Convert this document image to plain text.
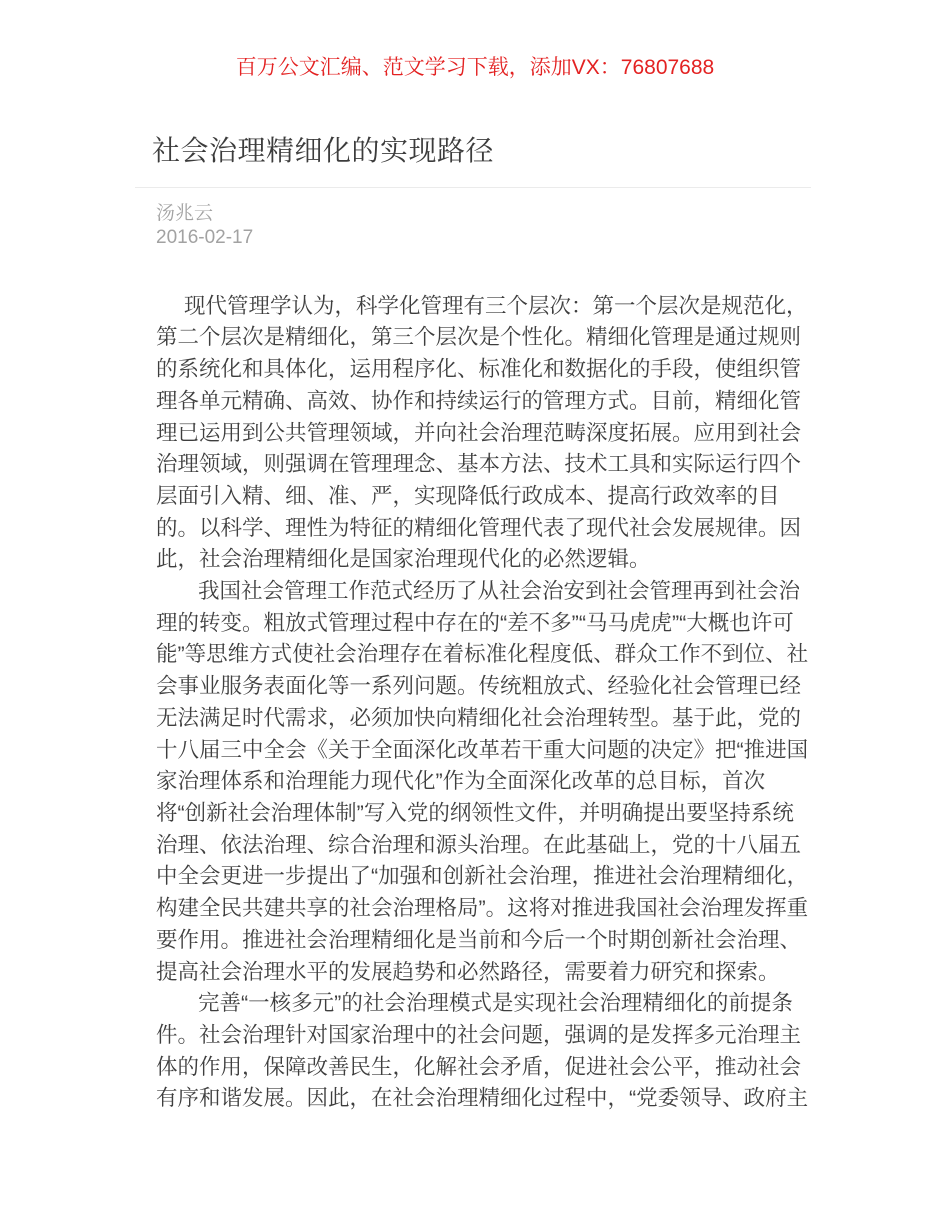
百万公文汇编、范文学习下载，添加VX：76807688
社会治理精细化的实现路径
汤兆云
2016-02-17

现代管理学认为，科学化管理有三个层次：第一个层次是规范化，第二个层次是精细化，第三个层次是个性化。精细化管理是通过规则的系统化和具体化，运用程序化、标准化和数据化的手段，使组织管理各单元精确、高效、协作和持续运行的管理方式。目前，精细化管理已运用到公共管理领域，并向社会治理范畴深度拓展。应用到社会治理领域，则强调在管理理念、基本方法、技术工具和实际运行四个层面引入精、细、准、严，实现降低行政成本、提高行政效率的目的。以科学、理性为特征的精细化管理代表了现代社会发展规律。因此，社会治理精细化是国家治理现代化的必然逻辑。

我国社会管理工作范式经历了从社会治安到社会管理再到社会治理的转变。粗放式管理过程中存在的“差不多”“马马虎虎”“大概也许可能”等思维方式使社会治理存在着标准化程度低、群众工作不到位、社会事业服务表面化等一系列问题。传统粗放式、经验化社会管理已经无法满足时代需求，必须加快向精细化社会治理转型。基于此，党的十八届三中全会《关于全面深化改革若干重大问题的决定》把“推进国家治理体系和治理能力现代化”作为全面深化改革的总目标，首次将“创新社会治理体制”写入党的纲领性文件，并明确提出要坚持系统治理、依法治理、综合治理和源头治理。在此基础上，党的十八届五中全会更进一步提出了“加强和创新社会治理，推进社会治理精细化，构建全民共建共享的社会治理格局”。这将对推进我国社会治理发挥重要作用。推进社会治理精细化是当前和今后一个时期创新社会治理、提高社会治理水平的发展趋势和必然路径，需要着力研究和探索。

完善“一核多元”的社会治理模式是实现社会治理精细化的前提条件。社会治理针对国家治理中的社会问题，强调的是发挥多元治理主体的作用，保障改善民生，化解社会矛盾，促进社会公平，推动社会有序和谐发展。因此，在社会治理精细化过程中，“党委领导、政府主
